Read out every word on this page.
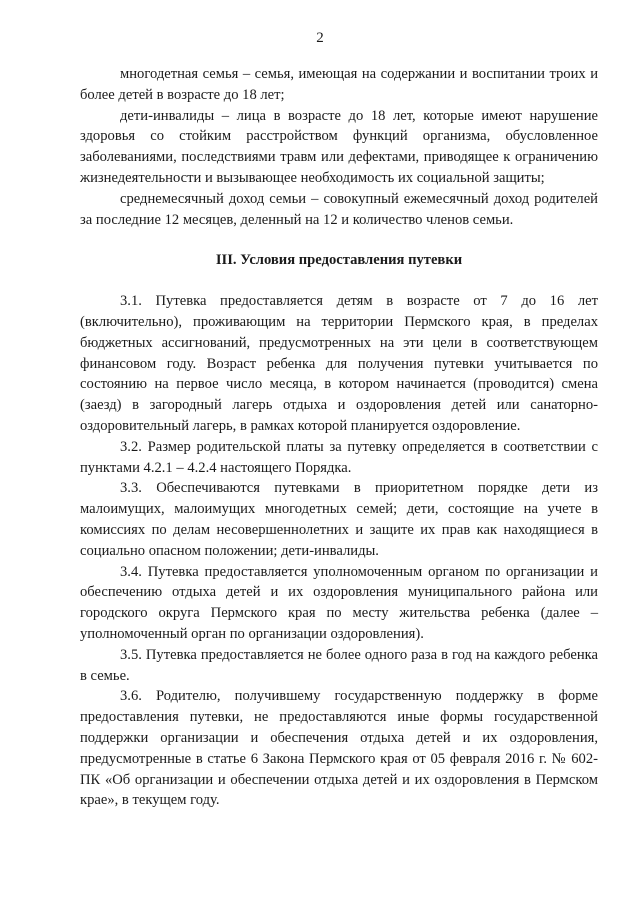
2

многодетная семья – семья, имеющая на содержании и воспитании троих и более детей в возрасте до 18 лет;

дети-инвалиды – лица в возрасте до 18 лет, которые имеют нарушение здоровья со стойким расстройством функций организма, обусловленное заболеваниями, последствиями травм или дефектами, приводящее к ограничению жизнедеятельности и вызывающее необходимость их социальной защиты;

среднемесячный доход семьи – совокупный ежемесячный доход родителей за последние 12 месяцев, деленный на 12 и количество членов семьи.

III. Условия предоставления путевки

3.1. Путевка предоставляется детям в возрасте от 7 до 16 лет (включительно), проживающим на территории Пермского края, в пределах бюджетных ассигнований, предусмотренных на эти цели в соответствующем финансовом году. Возраст ребенка для получения путевки учитывается по состоянию на первое число месяца, в котором начинается (проводится) смена (заезд) в загородный лагерь отдыха и оздоровления детей или санаторно-оздоровительный лагерь, в рамках которой планируется оздоровление.

3.2. Размер родительской платы за путевку определяется в соответствии с пунктами 4.2.1 – 4.2.4 настоящего Порядка.

3.3. Обеспечиваются путевками в приоритетном порядке дети из малоимущих, малоимущих многодетных семей; дети, состоящие на учете в комиссиях по делам несовершеннолетних и защите их прав как находящиеся в социально опасном положении; дети-инвалиды.

3.4. Путевка предоставляется уполномоченным органом по организации и обеспечению отдыха детей и их оздоровления муниципального района или городского округа Пермского края по месту жительства ребенка (далее – уполномоченный орган по организации оздоровления).

3.5. Путевка предоставляется не более одного раза в год на каждого ребенка в семье.

3.6. Родителю, получившему государственную поддержку в форме предоставления путевки, не предоставляются иные формы государственной поддержки организации и обеспечения отдыха детей и их оздоровления, предусмотренные в статье 6 Закона Пермского края от 05 февраля 2016 г. № 602-ПК «Об организации и обеспечении отдыха детей и их оздоровления в Пермском крае», в текущем году.
